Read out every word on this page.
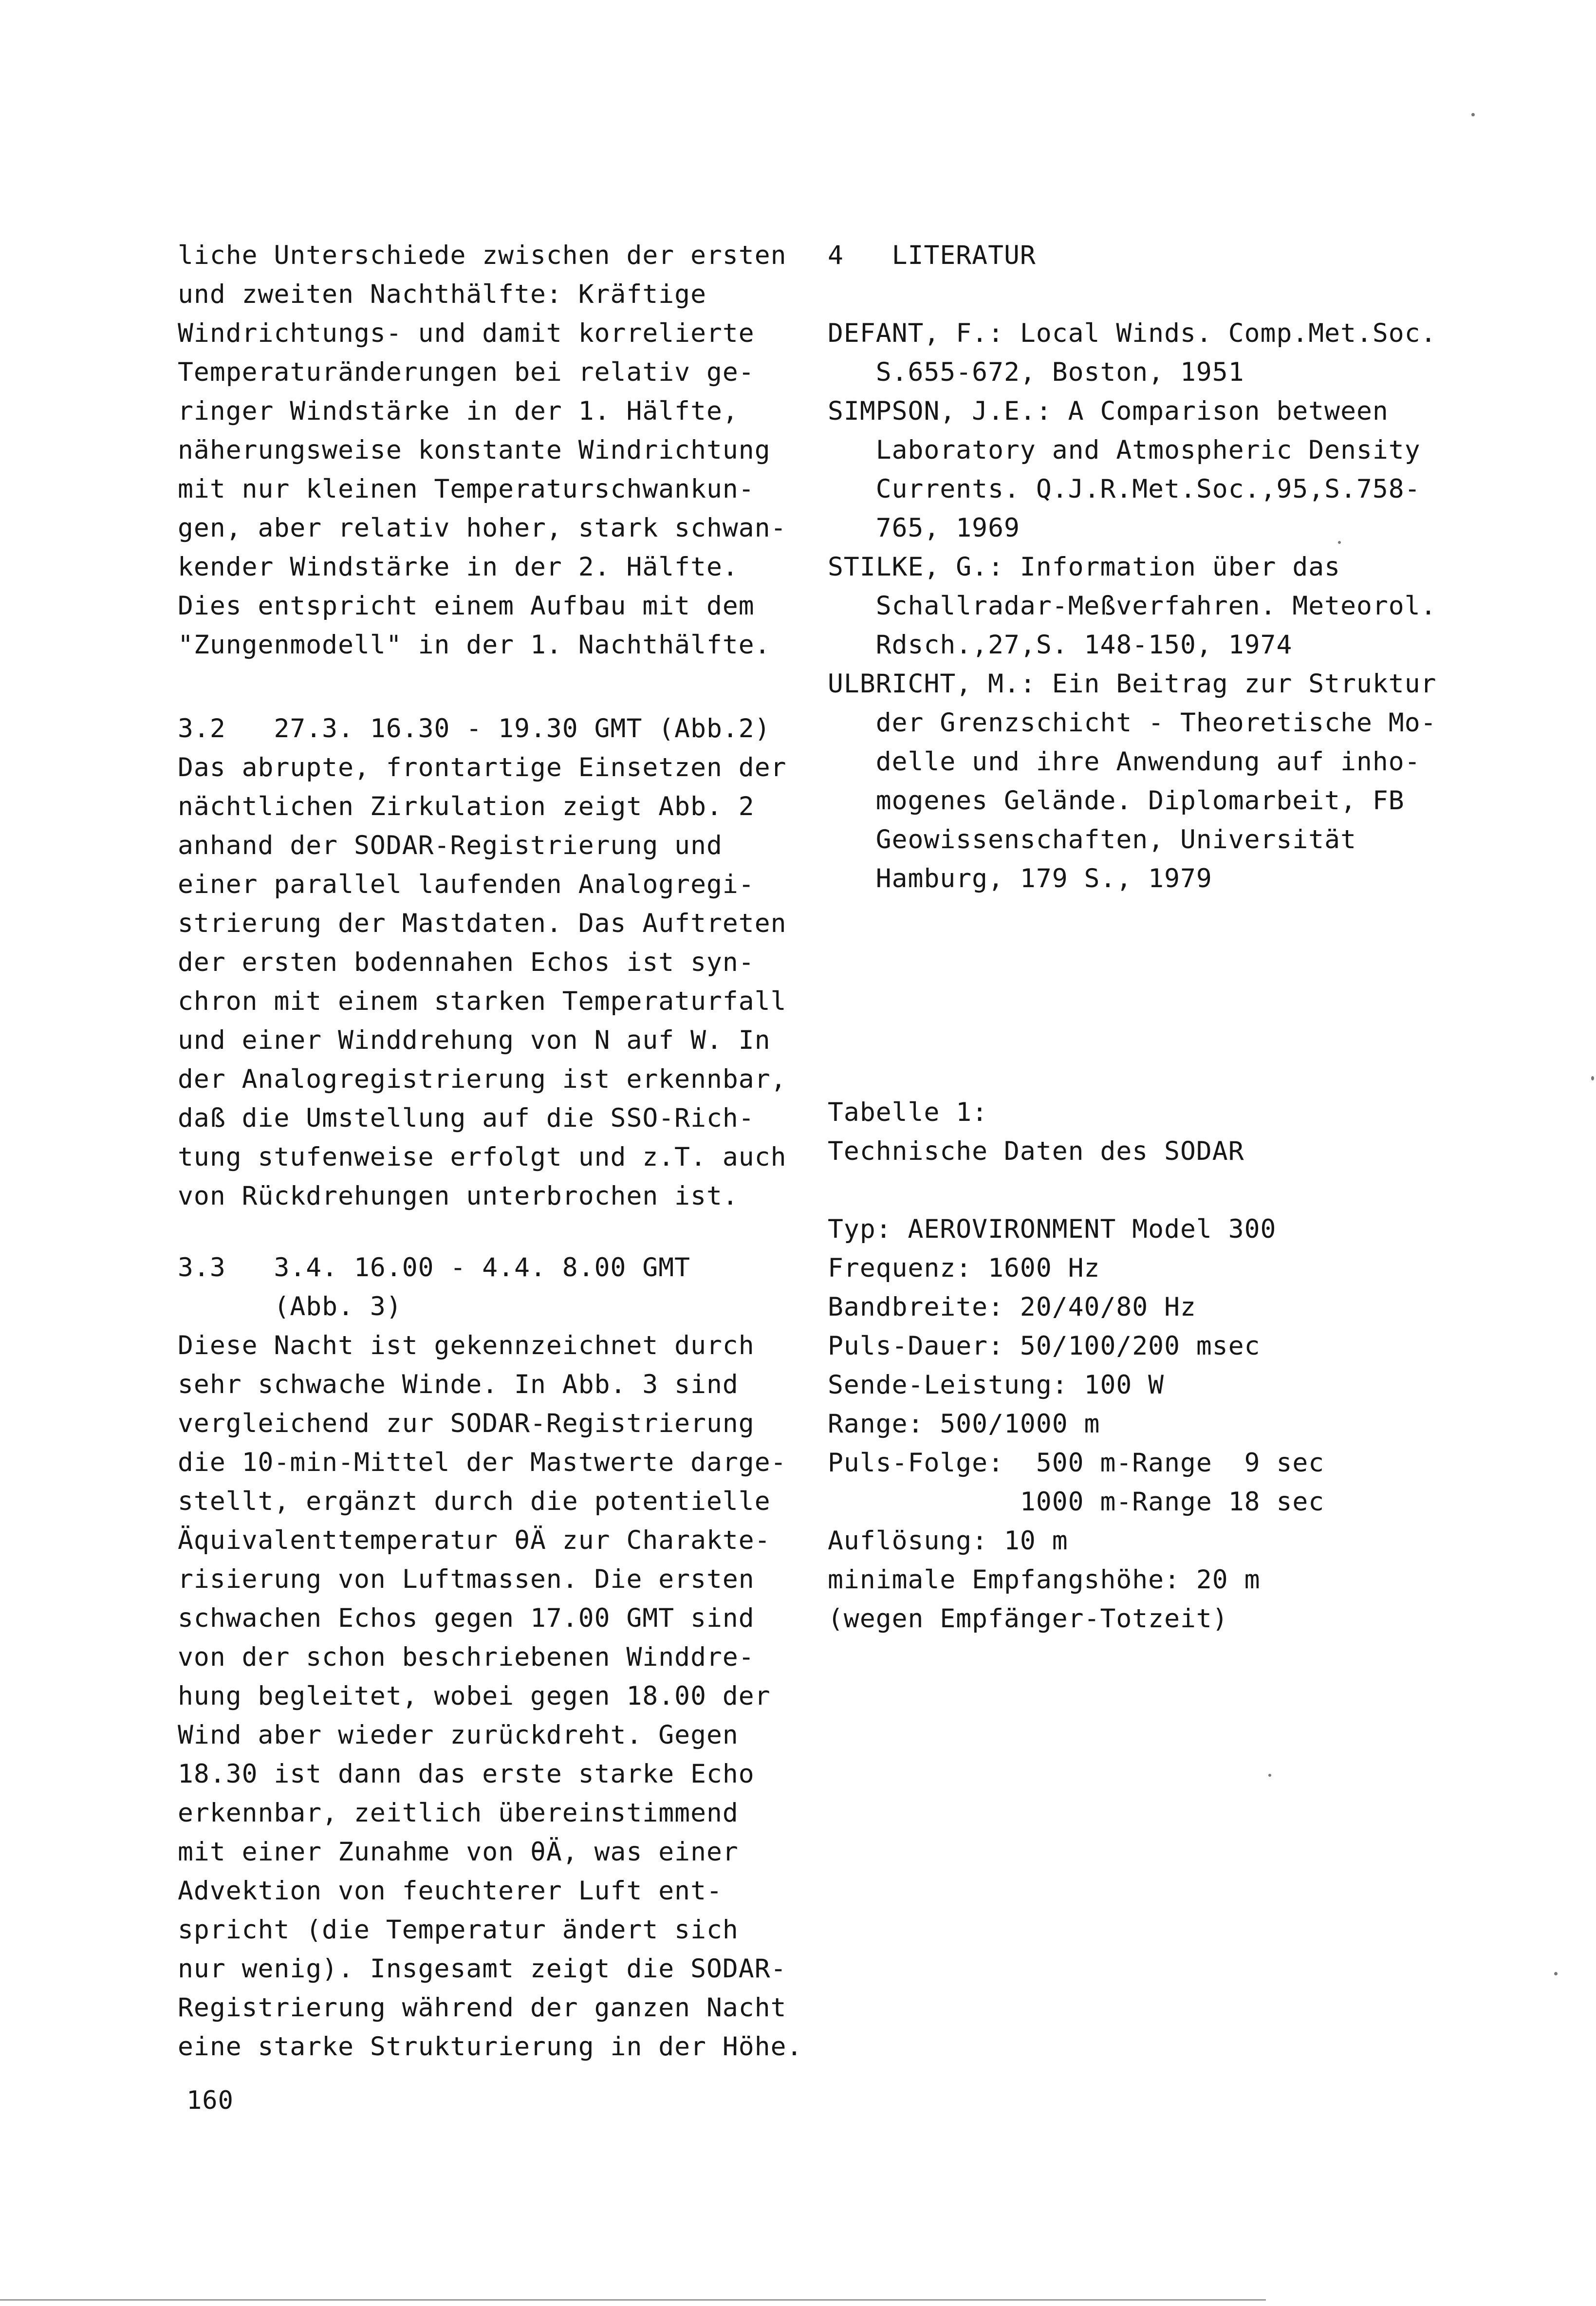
liche Unterschiede zwischen der ersten
und zweiten Nachthälfte: Kräftige
Windrichtungs- und damit korrelierte
Temperaturänderungen bei relativ ge-
ringer Windstärke in der 1. Hälfte,
näherungsweise konstante Windrichtung
mit nur kleinen Temperaturschwankun-
gen, aber relativ hoher, stark schwan-
kender Windstärke in der 2. Hälfte.
Dies entspricht einem Aufbau mit dem
"Zungenmodell" in der 1. Nachthälfte.
3.2   27.3. 16.30 - 19.30 GMT (Abb.2)
Das abrupte, frontartige Einsetzen der
nächtlichen Zirkulation zeigt Abb. 2
anhand der SODAR-Registrierung und
einer parallel laufenden Analogregi-
strierung der Mastdaten. Das Auftreten
der ersten bodennahen Echos ist syn-
chron mit einem starken Temperaturfall
und einer Winddrehung von N auf W. In
der Analogregistrierung ist erkennbar,
daß die Umstellung auf die SSO-Rich-
tung stufenweise erfolgt und z.T. auch
von Rückdrehungen unterbrochen ist.
3.3   3.4. 16.00 - 4.4. 8.00 GMT
(Abb. 3)
Diese Nacht ist gekennzeichnet durch
sehr schwache Winde. In Abb. 3 sind
vergleichend zur SODAR-Registrierung
die 10-min-Mittel der Mastwerte darge-
stellt, ergänzt durch die potentielle
Äquivalenttemperatur θÄ zur Charakte-
risierung von Luftmassen. Die ersten
schwachen Echos gegen 17.00 GMT sind
von der schon beschriebenen Winddre-
hung begleitet, wobei gegen 18.00 der
Wind aber wieder zurückdreht. Gegen
18.30 ist dann das erste starke Echo
erkennbar, zeitlich übereinstimmend
mit einer Zunahme von θÄ, was einer
Advektion von feuchterer Luft ent-
spricht (die Temperatur ändert sich
nur wenig). Insgesamt zeigt die SODAR-
Registrierung während der ganzen Nacht
eine starke Strukturierung in der Höhe.
160
4   LITERATUR
DEFANT, F.: Local Winds. Comp.Met.Soc.
S.655-672, Boston, 1951
SIMPSON, J.E.: A Comparison between
Laboratory and Atmospheric Density
Currents. Q.J.R.Met.Soc.,95,S.758-
765, 1969
STILKE, G.: Information über das
Schallradar-Meßverfahren. Meteorol.
Rdsch.,27,S. 148-150, 1974
ULBRICHT, M.: Ein Beitrag zur Struktur
der Grenzschicht - Theoretische Mo-
delle und ihre Anwendung auf inho-
mogenes Gelände. Diplomarbeit, FB
Geowissenschaften, Universität
Hamburg, 179 S., 1979
Tabelle 1:
Technische Daten des SODAR
Typ: AEROVIRONMENT Model 300
Frequenz: 1600 Hz
Bandbreite: 20/40/80 Hz
Puls-Dauer: 50/100/200 msec
Sende-Leistung: 100 W
Range: 500/1000 m
Puls-Folge:  500 m-Range  9 sec
1000 m-Range 18 sec
Auflösung: 10 m
minimale Empfangshöhe: 20 m
(wegen Empfänger-Totzeit)
